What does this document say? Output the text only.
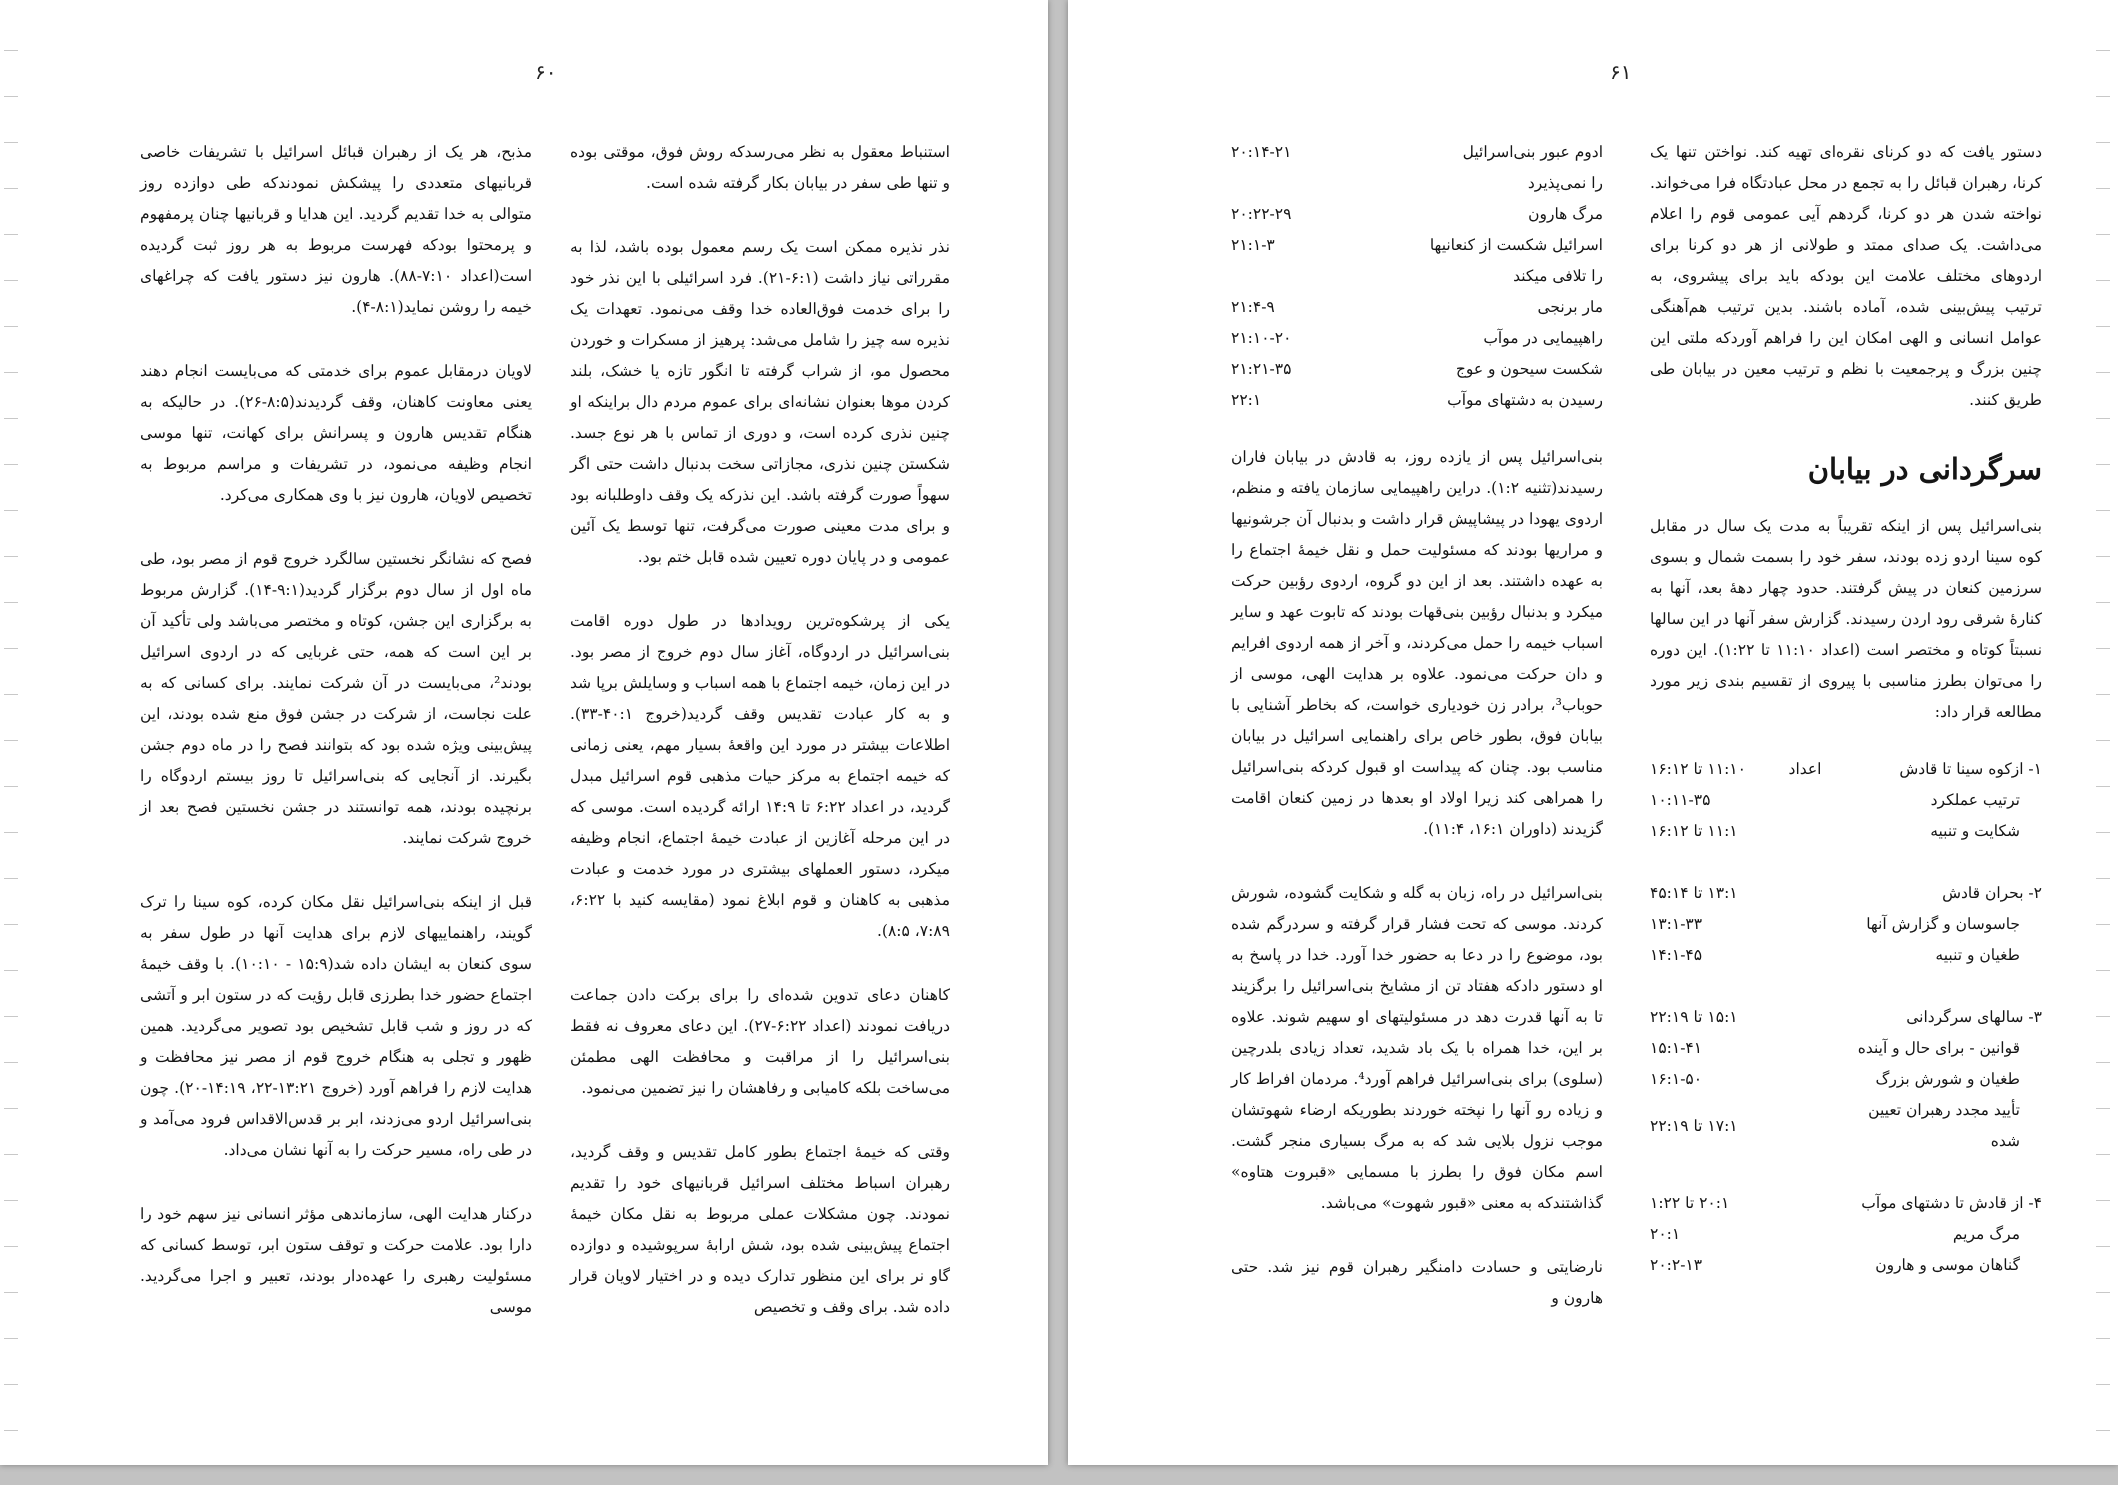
۶۰

استنباط معقول به نظر می‌رسدکه روش فوق، موقتی بوده و تنها طی سفر در بیابان بکار گرفته شده است.

نذر نذیره ممکن است یک رسم معمول بوده باشد، لذا به مقرراتی نیاز داشت (۶:۱-۲۱). فرد اسرائیلی با این نذر خود را برای خدمت فوق‌العاده خدا وقف می‌نمود. تعهدات یک نذیره سه چیز را شامل می‌شد: پرهیز از مسکرات و خوردن محصول مو، از شراب گرفته تا انگور تازه یا خشک، بلند کردن موها بعنوان نشانه‌ای برای عموم مردم دال براینکه او چنین نذری کرده است، و دوری از تماس با هر نوع جسد. شکستن چنین نذری، مجازاتی سخت بدنبال داشت حتی اگر سهواً صورت گرفته باشد. این نذرکه یک وقف داوطلبانه بود و برای مدت معینی صورت می‌گرفت، تنها توسط یک آئین عمومی و در پایان دوره تعیین شده قابل ختم بود.

یکی از پرشکوه‌ترین رویدادها در طول دوره اقامت بنی‌اسرائیل در اردوگاه، آغاز سال دوم خروج از مصر بود. در این زمان، خیمه اجتماع با همه اسباب و وسایلش برپا شد و به کار عبادت تقدیس وقف گردید(خروج ۴۰:۱-۳۳). اطلاعات بیشتر در مورد این واقعهٔ بسیار مهم، یعنی زمانی که خیمه اجتماع به مرکز حیات مذهبی قوم اسرائیل مبدل گردید، در اعداد ۶:۲۲ تا ۱۴:۹ ارائه گردیده است. موسی که در این مرحله آغازین از عبادت خیمهٔ اجتماع، انجام وظیفه میکرد، دستور العملهای بیشتری در مورد خدمت و عبادت مذهبی به کاهنان و قوم ابلاغ نمود (مقایسه کنید با ۶:۲۲، ۷:۸۹، ۸:۵).

کاهنان دعای تدوین شده‌ای را برای برکت دادن جماعت دریافت نمودند (اعداد ۶:۲۲-۲۷). این دعای معروف نه فقط بنی‌اسرائیل را از مراقبت و محافظت الهی مطمئن می‌ساخت بلکه کامیابی و رفاهشان را نیز تضمین می‌نمود.

وقتی که خیمهٔ اجتماع بطور کامل تقدیس و وقف گردید، رهبران اسباط مختلف اسرائیل قربانیهای خود را تقدیم نمودند. چون مشکلات عملی مربوط به نقل مکان خیمهٔ اجتماع پیش‌بینی شده بود، شش ارابهٔ سرپوشیده و دوازده گاو نر برای این منظور تدارک دیده و در اختیار لاویان قرار داده شد. برای وقف و تخصیص

مذبح، هر یک از رهبران قبائل اسرائیل با تشریفات خاصی قربانیهای متعددی را پیشکش نمودندکه طی دوازده روز متوالی به خدا تقدیم گردید. این هدایا و قربانیها چنان پرمفهوم و پرمحتوا بودکه فهرست مربوط به هر روز ثبت گردیده است(اعداد ۷:۱۰-۸۸). هارون نیز دستور یافت که چراغهای خیمه را روشن نماید(۸:۱-۴).

لاویان درمقابل عموم برای خدمتی که می‌بایست انجام دهند یعنی معاونت کاهنان، وقف گردیدند(۸:۵-۲۶). در حالیکه به هنگام تقدیس هارون و پسرانش برای کهانت، تنها موسی انجام وظیفه می‌نمود، در تشریفات و مراسم مربوط به تخصیص لاویان، هارون نیز با وی همکاری می‌کرد.

فصح که نشانگر نخستین سالگرد خروج قوم از مصر بود، طی ماه اول از سال دوم برگزار گردید(۹:۱-۱۴). گزارش مربوط به برگزاری این جشن، کوتاه و مختصر می‌باشد ولی تأکید آن بر این است که همه، حتی غربایی که در اردوی اسرائیل بودند²، می‌بایست در آن شرکت نمایند. برای کسانی که به علت نجاست، از شرکت در جشن فوق منع شده بودند، این پیش‌بینی ویژه شده بود که بتوانند فصح را در ماه دوم جشن بگیرند. از آنجایی که بنی‌اسرائیل تا روز بیستم اردوگاه را برنچیده بودند، همه توانستند در جشن نخستین فصح بعد از خروج شرکت نمایند.

قبل از اینکه بنی‌اسرائیل نقل مکان کرده، کوه سینا را ترک گویند، راهنماییهای لازم برای هدایت آنها در طول سفر به سوی کنعان به ایشان داده شد(۱۵:۹ - ۱۰:۱۰). با وقف خیمهٔ اجتماع حضور خدا بطرزی قابل رؤیت که در ستون ابر و آتشی که در روز و شب قابل تشخیص بود تصویر می‌گردید. همین ظهور و تجلی به هنگام خروج قوم از مصر نیز محافظت و هدایت لازم را فراهم آورد (خروج ۱۳:۲۱-۲۲، ۱۴:۱۹-۲۰). چون بنی‌اسرائیل اردو می‌زدند، ابر بر قدس‌الاقداس فرود می‌آمد و در طی راه، مسیر حرکت را به آنها نشان می‌داد.

درکنار هدایت الهی، سازماندهی مؤثر انسانی نیز سهم خود را دارا بود. علامت حرکت و توقف ستون ابر، توسط کسانی که مسئولیت رهبری را عهده‌دار بودند، تعبیر و اجرا می‌گردید. موسی

۶۱

دستور یافت که دو کرنای نقره‌ای تهیه کند. نواختن تنها یک کرنا، رهبران قبائل را به تجمع در محل عبادتگاه فرا می‌خواند. نواخته شدن هر دو کرنا، گردهم آیی عمومی قوم را اعلام می‌داشت. یک صدای ممتد و طولانی از هر دو کرنا برای اردوهای مختلف علامت این بودکه باید برای پیشروی، به ترتیب پیش‌بینی شده، آماده باشند. بدین ترتیب هم‌آهنگی عوامل انسانی و الهی امکان این را فراهم آوردکه ملتی این چنین بزرگ و پرجمعیت با نظم و ترتیب معین در بیابان طی طریق کنند.

سرگردانی در بیابان

بنی‌اسرائیل پس از اینکه تقریباً به مدت یک سال در مقابل کوه سینا اردو زده بودند، سفر خود را بسمت شمال و بسوی سرزمین کنعان در پیش گرفتند. حدود چهار دههٔ بعد، آنها به کنارهٔ شرقی رود اردن رسیدند. گزارش سفر آنها در این سالها نسبتاً کوتاه و مختصر است (اعداد ۱۱:۱۰ تا ۱:۲۲). این دوره را می‌توان بطرز مناسبی با پیروی از تقسیم بندی زیر مورد مطالعه قرار داد:

۱- ازکوه سینا تا قادش	اعداد	۱۱:۱۰ تا ۱۶:۱۲
ترتیب عملکرد		۱۰:۱۱-۳۵
شکایت و تنبیه		۱۱:۱ تا ۱۶:۱۲

۲- بحران قادش		۱۳:۱ تا ۴۵:۱۴
جاسوسان و گزارش آنها		۱۳:۱-۳۳
طغیان و تنبیه		۱۴:۱-۴۵

۳- سالهای سرگردانی		۱۵:۱ تا ۲۲:۱۹
قوانین - برای حال و آینده		۱۵:۱-۴۱
طغیان و شورش بزرگ		۱۶:۱-۵۰
تأیید مجدد رهبران تعیین شده		۱۷:۱ تا ۲۲:۱۹

۴- از قادش تا دشتهای موآب		۲۰:۱ تا ۱:۲۲
مرگ مریم		۲۰:۱
گناهان موسی و هارون		۲۰:۲-۱۳
ادوم عبور بنی‌اسرائیل	۲۰:۱۴-۲۱
را نمی‌پذیرد	
مرگ هارون	۲۰:۲۲-۲۹
اسرائیل شکست از کنعانیها	۲۱:۱-۳
را تلافی میکند	
مار برنجی	۲۱:۴-۹
راهپیمایی در موآب	۲۱:۱۰-۲۰
شکست سیحون و عوج	۲۱:۲۱-۳۵
رسیدن به دشتهای موآب	۲۲:۱

بنی‌اسرائیل پس از یازده روز، به قادش در بیابان فاران رسیدند(تثنیه ۱:۲). دراین راهپیمایی سازمان یافته و منظم، اردوی یهودا در پیشاپیش قرار داشت و بدنبال آن جرشونیها و مراریها بودند که مسئولیت حمل و نقل خیمهٔ اجتماع را به عهده داشتند. بعد از این دو گروه، اردوی رؤبین حرکت میکرد و بدنبال رؤبین بنی‌قهات بودند که تابوت عهد و سایر اسباب خیمه را حمل می‌کردند، و آخر از همه اردوی افرایم و دان حرکت می‌نمود. علاوه بر هدایت الهی، موسی از حوباب³، برادر زن خودیاری خواست، که بخاطر آشنایی با بیابان فوق، بطور خاص برای راهنمایی اسرائیل در بیابان مناسب بود. چنان که پیداست او قبول کردکه بنی‌اسرائیل را همراهی کند زیرا اولاد او بعدها در زمین کنعان اقامت گزیدند (داوران ۱۶:۱، ۱۱:۴).

بنی‌اسرائیل در راه، زبان به گله و شکایت گشوده، شورش کردند. موسی که تحت فشار قرار گرفته و سردرگم شده بود، موضوع را در دعا به حضور خدا آورد. خدا در پاسخ به او دستور دادکه هفتاد تن از مشایخ بنی‌اسرائیل را برگزیند تا به آنها قدرت دهد در مسئولیتهای او سهیم شوند. علاوه بر این، خدا همراه با یک باد شدید، تعداد زیادی بلدرچین (سلوی) برای بنی‌اسرائیل فراهم آورد⁴. مردمان افراط کار و زیاده رو آنها را نپخته خوردند بطوریکه ارضاء شهوتشان موجب نزول بلایی شد که به مرگ بسیاری منجر گشت. اسم مکان فوق را بطرز با مسمایی «قبروت هتاوه» گذاشتندکه به معنی «قبور شهوت» می‌باشد.

نارضایتی و حسادت دامنگیر رهبران قوم نیز شد. حتی هارون و
